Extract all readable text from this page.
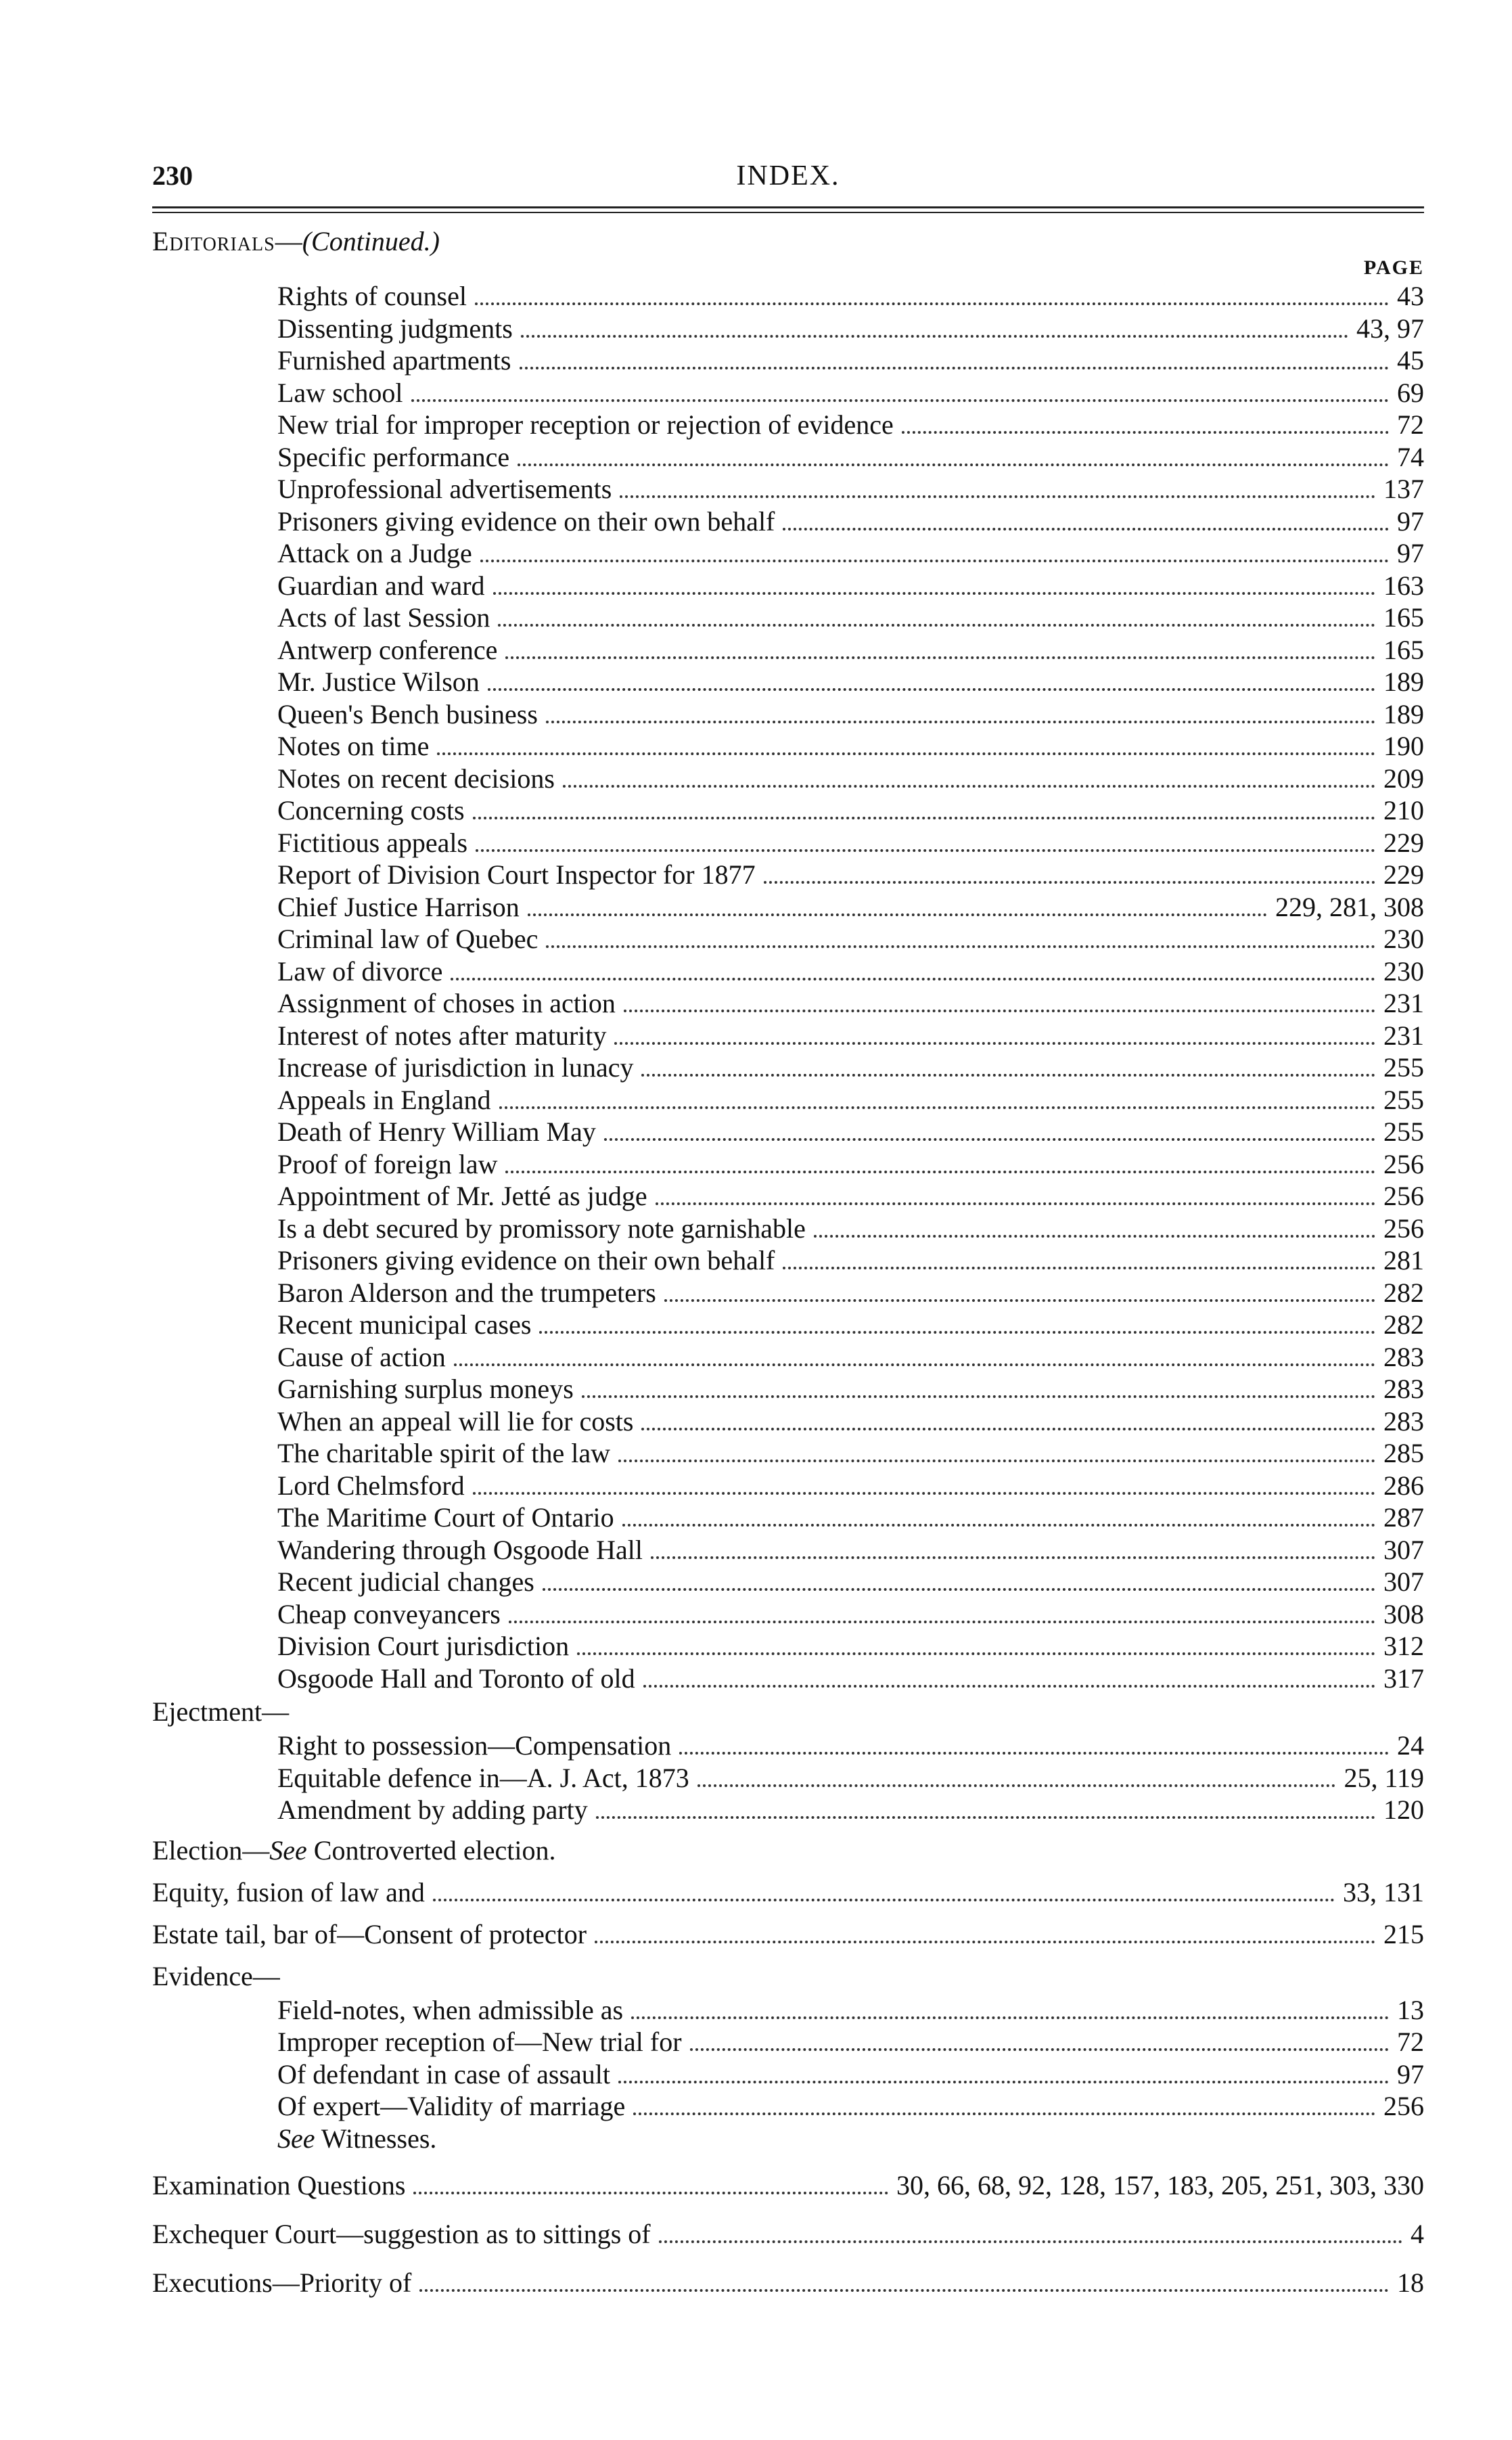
230	INDEX.
Editorials — (Continued.)
PAGE
Rights of counsel	43
Dissenting judgments	43, 97
Furnished apartments	45
Law school	69
New trial for improper reception or rejection of evidence	72
Specific performance	74
Unprofessional advertisements	137
Prisoners giving evidence on their own behalf	97
Attack on a Judge	97
Guardian and ward	163
Acts of last Session	165
Antwerp conference	165
Mr. Justice Wilson	189
Queen's Bench business	189
Notes on time	190
Notes on recent decisions	209
Concerning costs	210
Fictitious appeals	229
Report of Division Court Inspector for 1877	229
Chief Justice Harrison	229, 281, 308
Criminal law of Quebec	230
Law of divorce	230
Assignment of choses in action	231
Interest of notes after maturity	231
Increase of jurisdiction in lunacy	255
Appeals in England	255
Death of Henry William May	255
Proof of foreign law	256
Appointment of Mr. Jetté as judge	256
Is a debt secured by promissory note garnishable	256
Prisoners giving evidence on their own behalf	281
Baron Alderson and the trumpeters	282
Recent municipal cases	282
Cause of action	283
Garnishing surplus moneys	283
When an appeal will lie for costs	283
The charitable spirit of the law	285
Lord Chelmsford	286
The Maritime Court of Ontario	287
Wandering through Osgoode Hall	307
Recent judicial changes	307
Cheap conveyancers	308
Division Court jurisdiction	312
Osgoode Hall and Toronto of old	317
Ejectment—
Right to possession—Compensation	24
Equitable defence in—A. J. Act, 1873	25, 119
Amendment by adding party	120
Election—See Controverted election.
Equity, fusion of law and	33, 131
Estate tail, bar of—Consent of protector	215
Evidence—
Field-notes, when admissible as	13
Improper reception of—New trial for	72
Of defendant in case of assault	97
Of expert—Validity of marriage	256
See Witnesses.
Examination Questions	30, 66, 68, 92, 128, 157, 183, 205, 251, 303, 330
Exchequer Court—suggestion as to sittings of	4
Executions—Priority of	18
